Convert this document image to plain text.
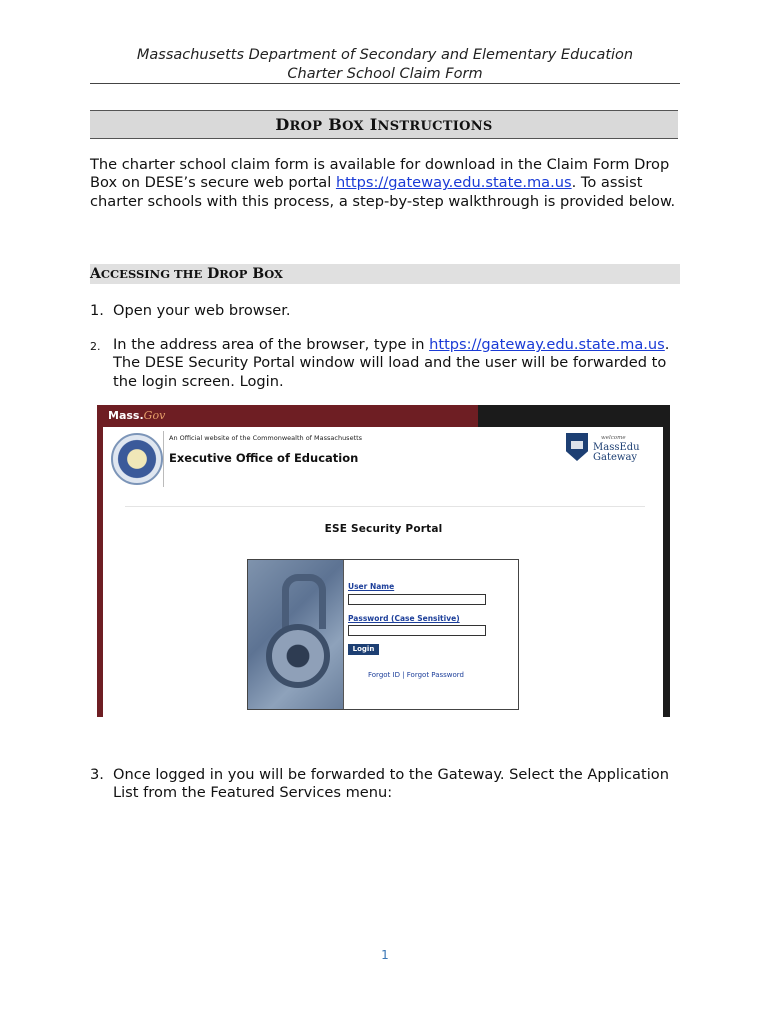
Massachusetts Department of Secondary and Elementary Education
Charter School Claim Form
DROP BOX INSTRUCTIONS
The charter school claim form is available for download in the Claim Form Drop Box on DESE’s secure web portal https://gateway.edu.state.ma.us. To assist charter schools with this process, a step-by-step walkthrough is provided below.
ACCESSING THE DROP BOX
1. Open your web browser.
2. In the address area of the browser, type in https://gateway.edu.state.ma.us. The DESE Security Portal window will load and the user will be forwarded to the login screen. Login.
Mass.Gov
An Official website of the Commonwealth of Massachusetts
Executive Office of Education
welcome
MassEdu
Gateway
ESE Security Portal
User Name
Password (Case Sensitive)
Login
Forgot ID | Forgot Password
3. Once logged in you will be forwarded to the Gateway. Select the Application List from the Featured Services menu:
1
